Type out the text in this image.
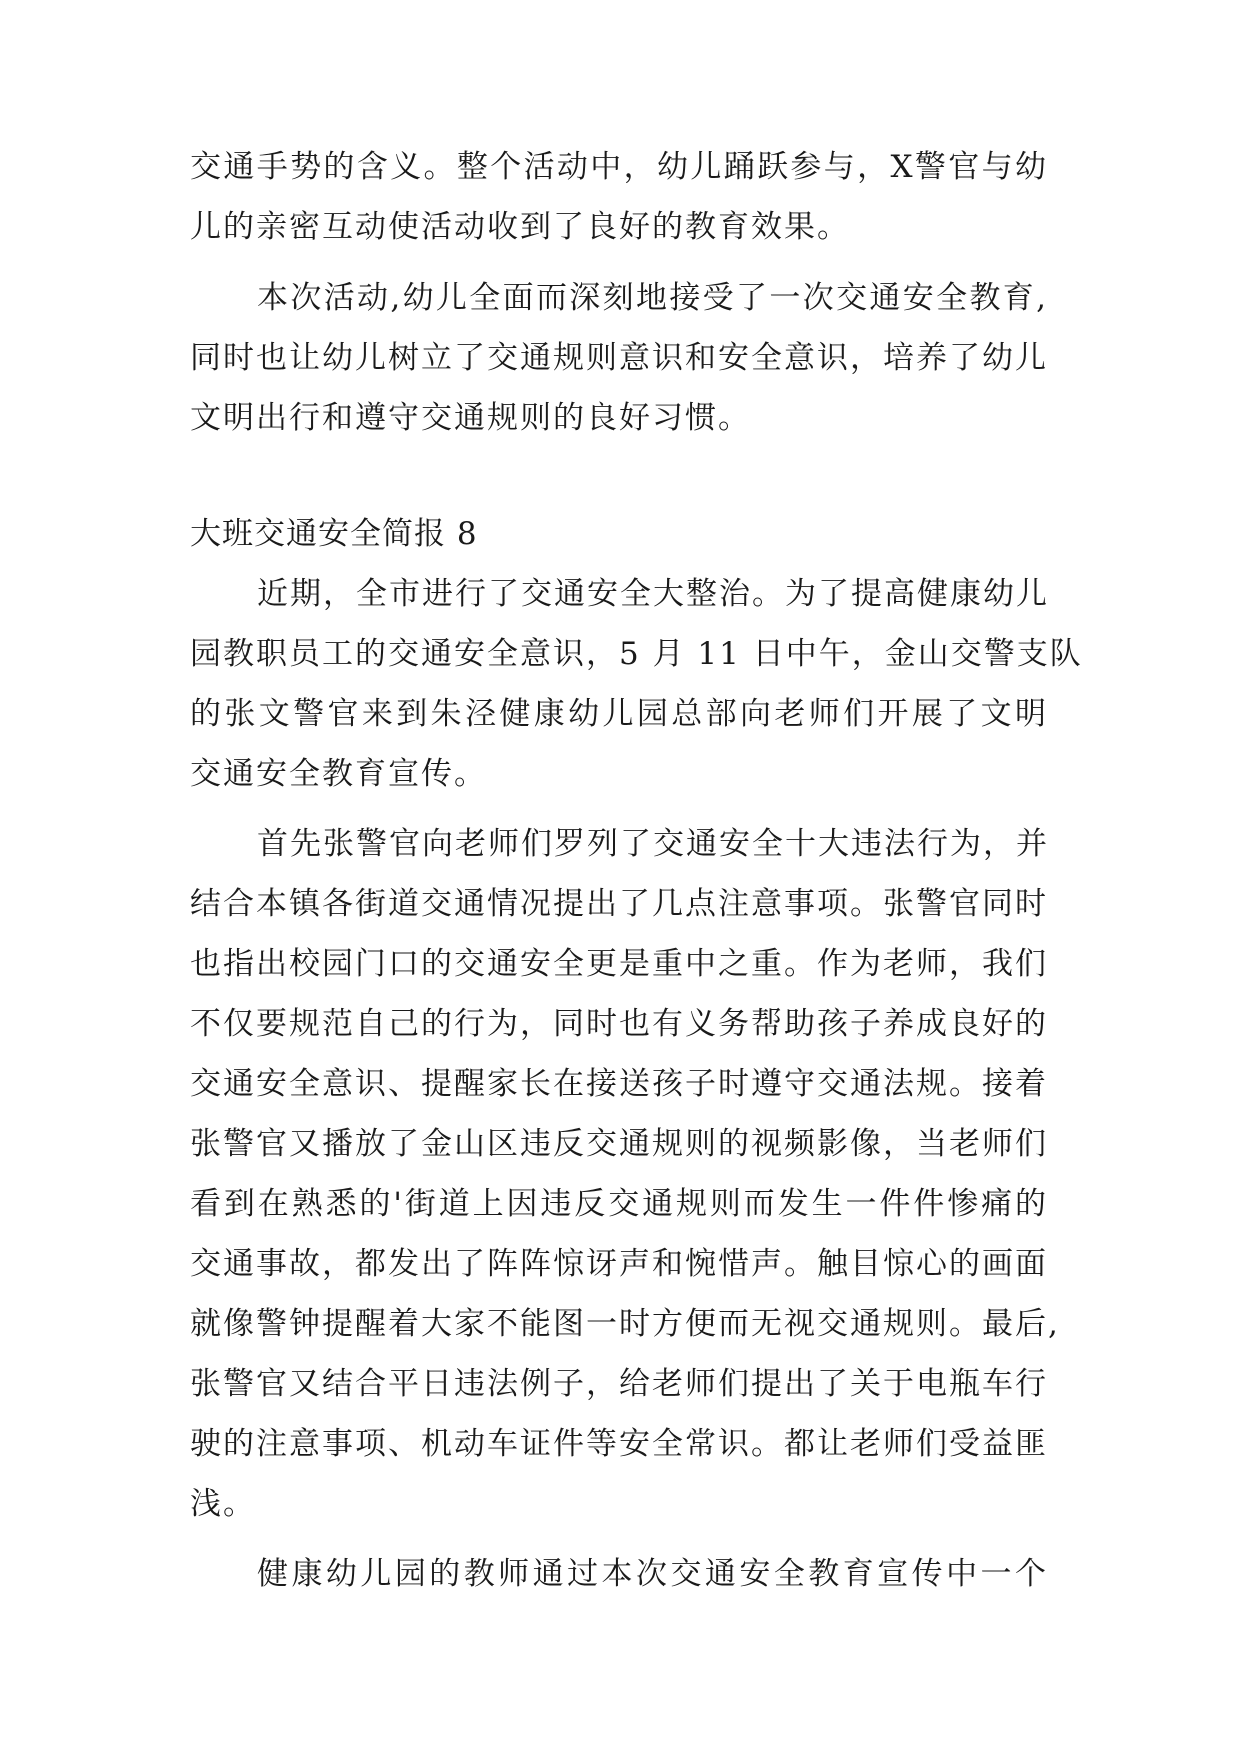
交通手势的含义。整个活动中，幼儿踊跃参与，X警官与幼
儿的亲密互动使活动收到了良好的教育效果。
本次活动,幼儿全面而深刻地接受了一次交通安全教育,
同时也让幼儿树立了交通规则意识和安全意识，培养了幼儿
文明出行和遵守交通规则的良好习惯。
大班交通安全简报 8
近期，全市进行了交通安全大整治。为了提高健康幼儿
园教职员工的交通安全意识，5 月 11 日中午，金山交警支队
的张文警官来到朱泾健康幼儿园总部向老师们开展了文明
交通安全教育宣传。
首先张警官向老师们罗列了交通安全十大违法行为，并
结合本镇各街道交通情况提出了几点注意事项。张警官同时
也指出校园门口的交通安全更是重中之重。作为老师，我们
不仅要规范自己的行为，同时也有义务帮助孩子养成良好的
交通安全意识、提醒家长在接送孩子时遵守交通法规。接着
张警官又播放了金山区违反交通规则的视频影像，当老师们
看到在熟悉的'街道上因违反交通规则而发生一件件惨痛的
交通事故，都发出了阵阵惊讶声和惋惜声。触目惊心的画面
就像警钟提醒着大家不能图一时方便而无视交通规则。最后,
张警官又结合平日违法例子，给老师们提出了关于电瓶车行
驶的注意事项、机动车证件等安全常识。都让老师们受益匪
浅。
健康幼儿园的教师通过本次交通安全教育宣传中一个
